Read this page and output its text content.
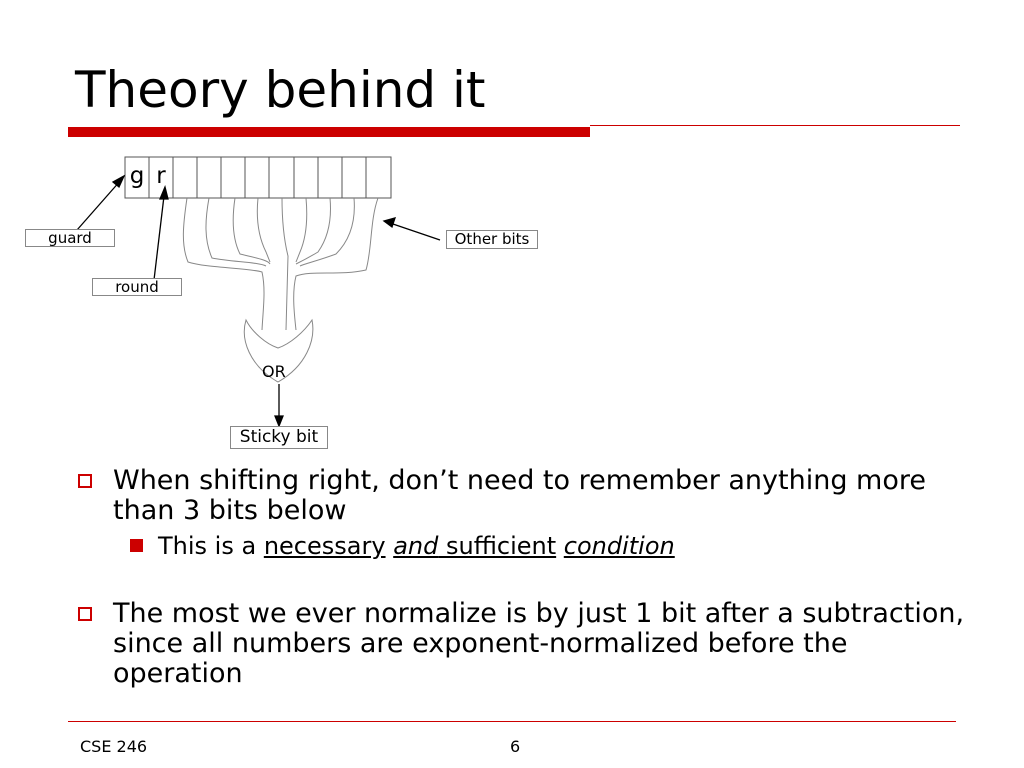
Theory behind it
g r
guard
round
Other bits
OR
Sticky bit
When shifting right, don’t need to remember anything more than 3 bits below
This is a necessary and sufficient condition
The most we ever normalize is by just 1 bit after a subtraction, since all numbers are exponent-normalized before the operation
CSE 246	6
